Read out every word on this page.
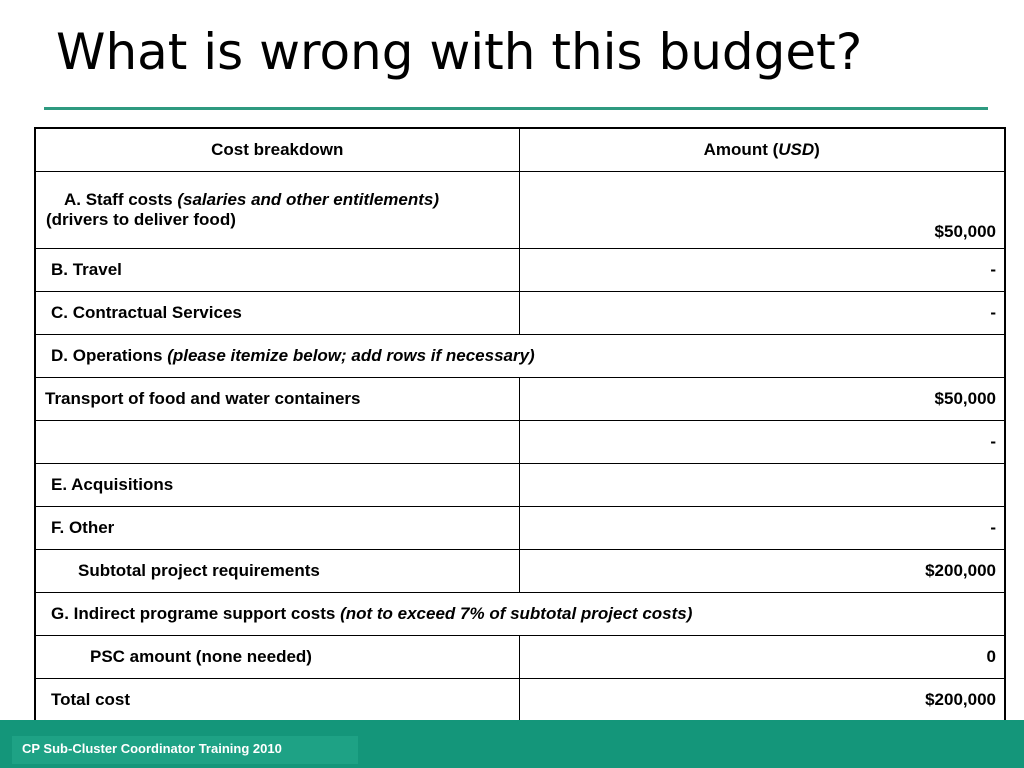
What is wrong with this budget?
Cost breakdown	Amount (USD)

A. Staff costs (salaries and other entitlements)
(drivers to deliver food)	$50,000
B. Travel	-
C. Contractual Services	-
D. Operations (please itemize below; add rows if necessary)	
Transport of food and water containers	$50,000
	-
E. Acquisitions	
F. Other	-
Subtotal project requirements	$200,000
G. Indirect programe support costs (not to exceed 7% of subtotal project costs)	
PSC amount (none needed)	0
Total cost	$200,000
CP Sub-Cluster Coordinator Training 2010
